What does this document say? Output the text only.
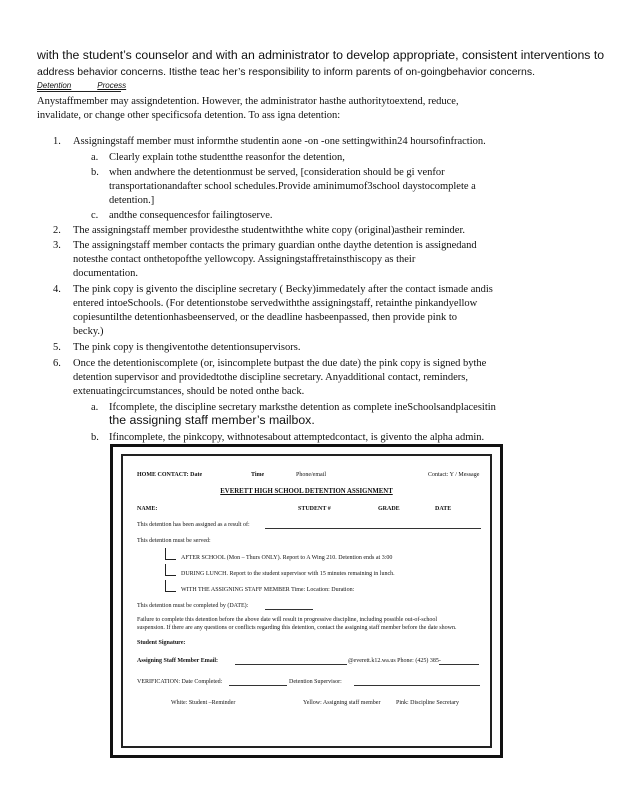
with the student’s counselor and with an administrator to develop appropriate, consistent interventions to
address behavior concerns. Itisthe teac her’s responsibility to inform parents of on-goingbehavior concerns.
Detention	Process
Anystaffmember may assigndetention. However, the administrator hasthe authoritytoextend, reduce,
invalidate, or change other specificsofa detention. To ass igna detention:
1. Assigningstaff member must informthe studentin aone -on -one settingwithin24 hoursofinfraction.
a. Clearly explain tothe studentthe reasonfor the detention,
b. when andwhere the detentionmust be served, [consideration should be gi venfor
transportationandafter school schedules.Provide aminimumof3school daystocomplete a
detention.]
c. andthe consequencesfor failingtoserve.
2. The assigningstaff member providesthe studentwiththe white copy (original)astheir reminder.
3. The assigningstaff member contacts the primary guardian onthe daythe detention is assignedand
notesthe contact onthetopofthe yellowcopy. Assigningstaffretainsthiscopy as their
documentation.
4. The pink copy is givento the discipline secretary ( Becky)immedately after the contact ismade andis
entered intoeSchools. (For detentionstobe servedwiththe assigningstaff, retainthe pinkandyellow
copiesuntilthe detentionhasbeenserved, or the deadline hasbeenpassed, then provide pink to
becky.)
5. The pink copy is thengiventothe detentionsupervisors.
6. Once the detentioniscomplete (or, isincomplete butpast the due date) the pink copy is signed bythe
detention supervisor and providedtothe discipline secretary. Anyadditional contact, reminders,
extenuatingcircumstances, should be noted onthe back.
a. Ifcomplete, the discipline secretary marksthe detention as complete ineSchoolsandplacesitin
the assigning staff member’s mailbox.
b. Ifincomplete, the pinkcopy, withnotesabout attemptedcontact, is givento the alpha admin.
HOME CONTACT: Date	Time	Phone/email	Contact: Y / Message
EVERETT HIGH SCHOOL DETENTION ASSIGNMENT
NAME:	STUDENT #	GRADE	DATE
This detention has been assigned as a result of:
This detention must be served:
AFTER SCHOOL (Mon – Thurs ONLY). Report to A Wing 210. Detention ends at 3:00
DURING LUNCH. Report to the student supervisor with 15 minutes remaining in lunch.
WITH THE ASSIGNING STAFF MEMBER Time: Location: Duration:
This detention must be completed by (DATE):
Failure to complete this detention before the above date will result in progressive discipline, including possible out-of-school
suspension. If there are any questions or conflicts regarding this detention, contact the assigning staff member before the date shown.
Student Signature:
Assigning Staff Member Email:	@everett.k12.wa.us Phone: (425) 385-
VERIFICATION: Date Completed:	Detention Supervisor:
White: Student –Reminder	Yellow: Assigning staff member	Pink: Discipline Secretary
